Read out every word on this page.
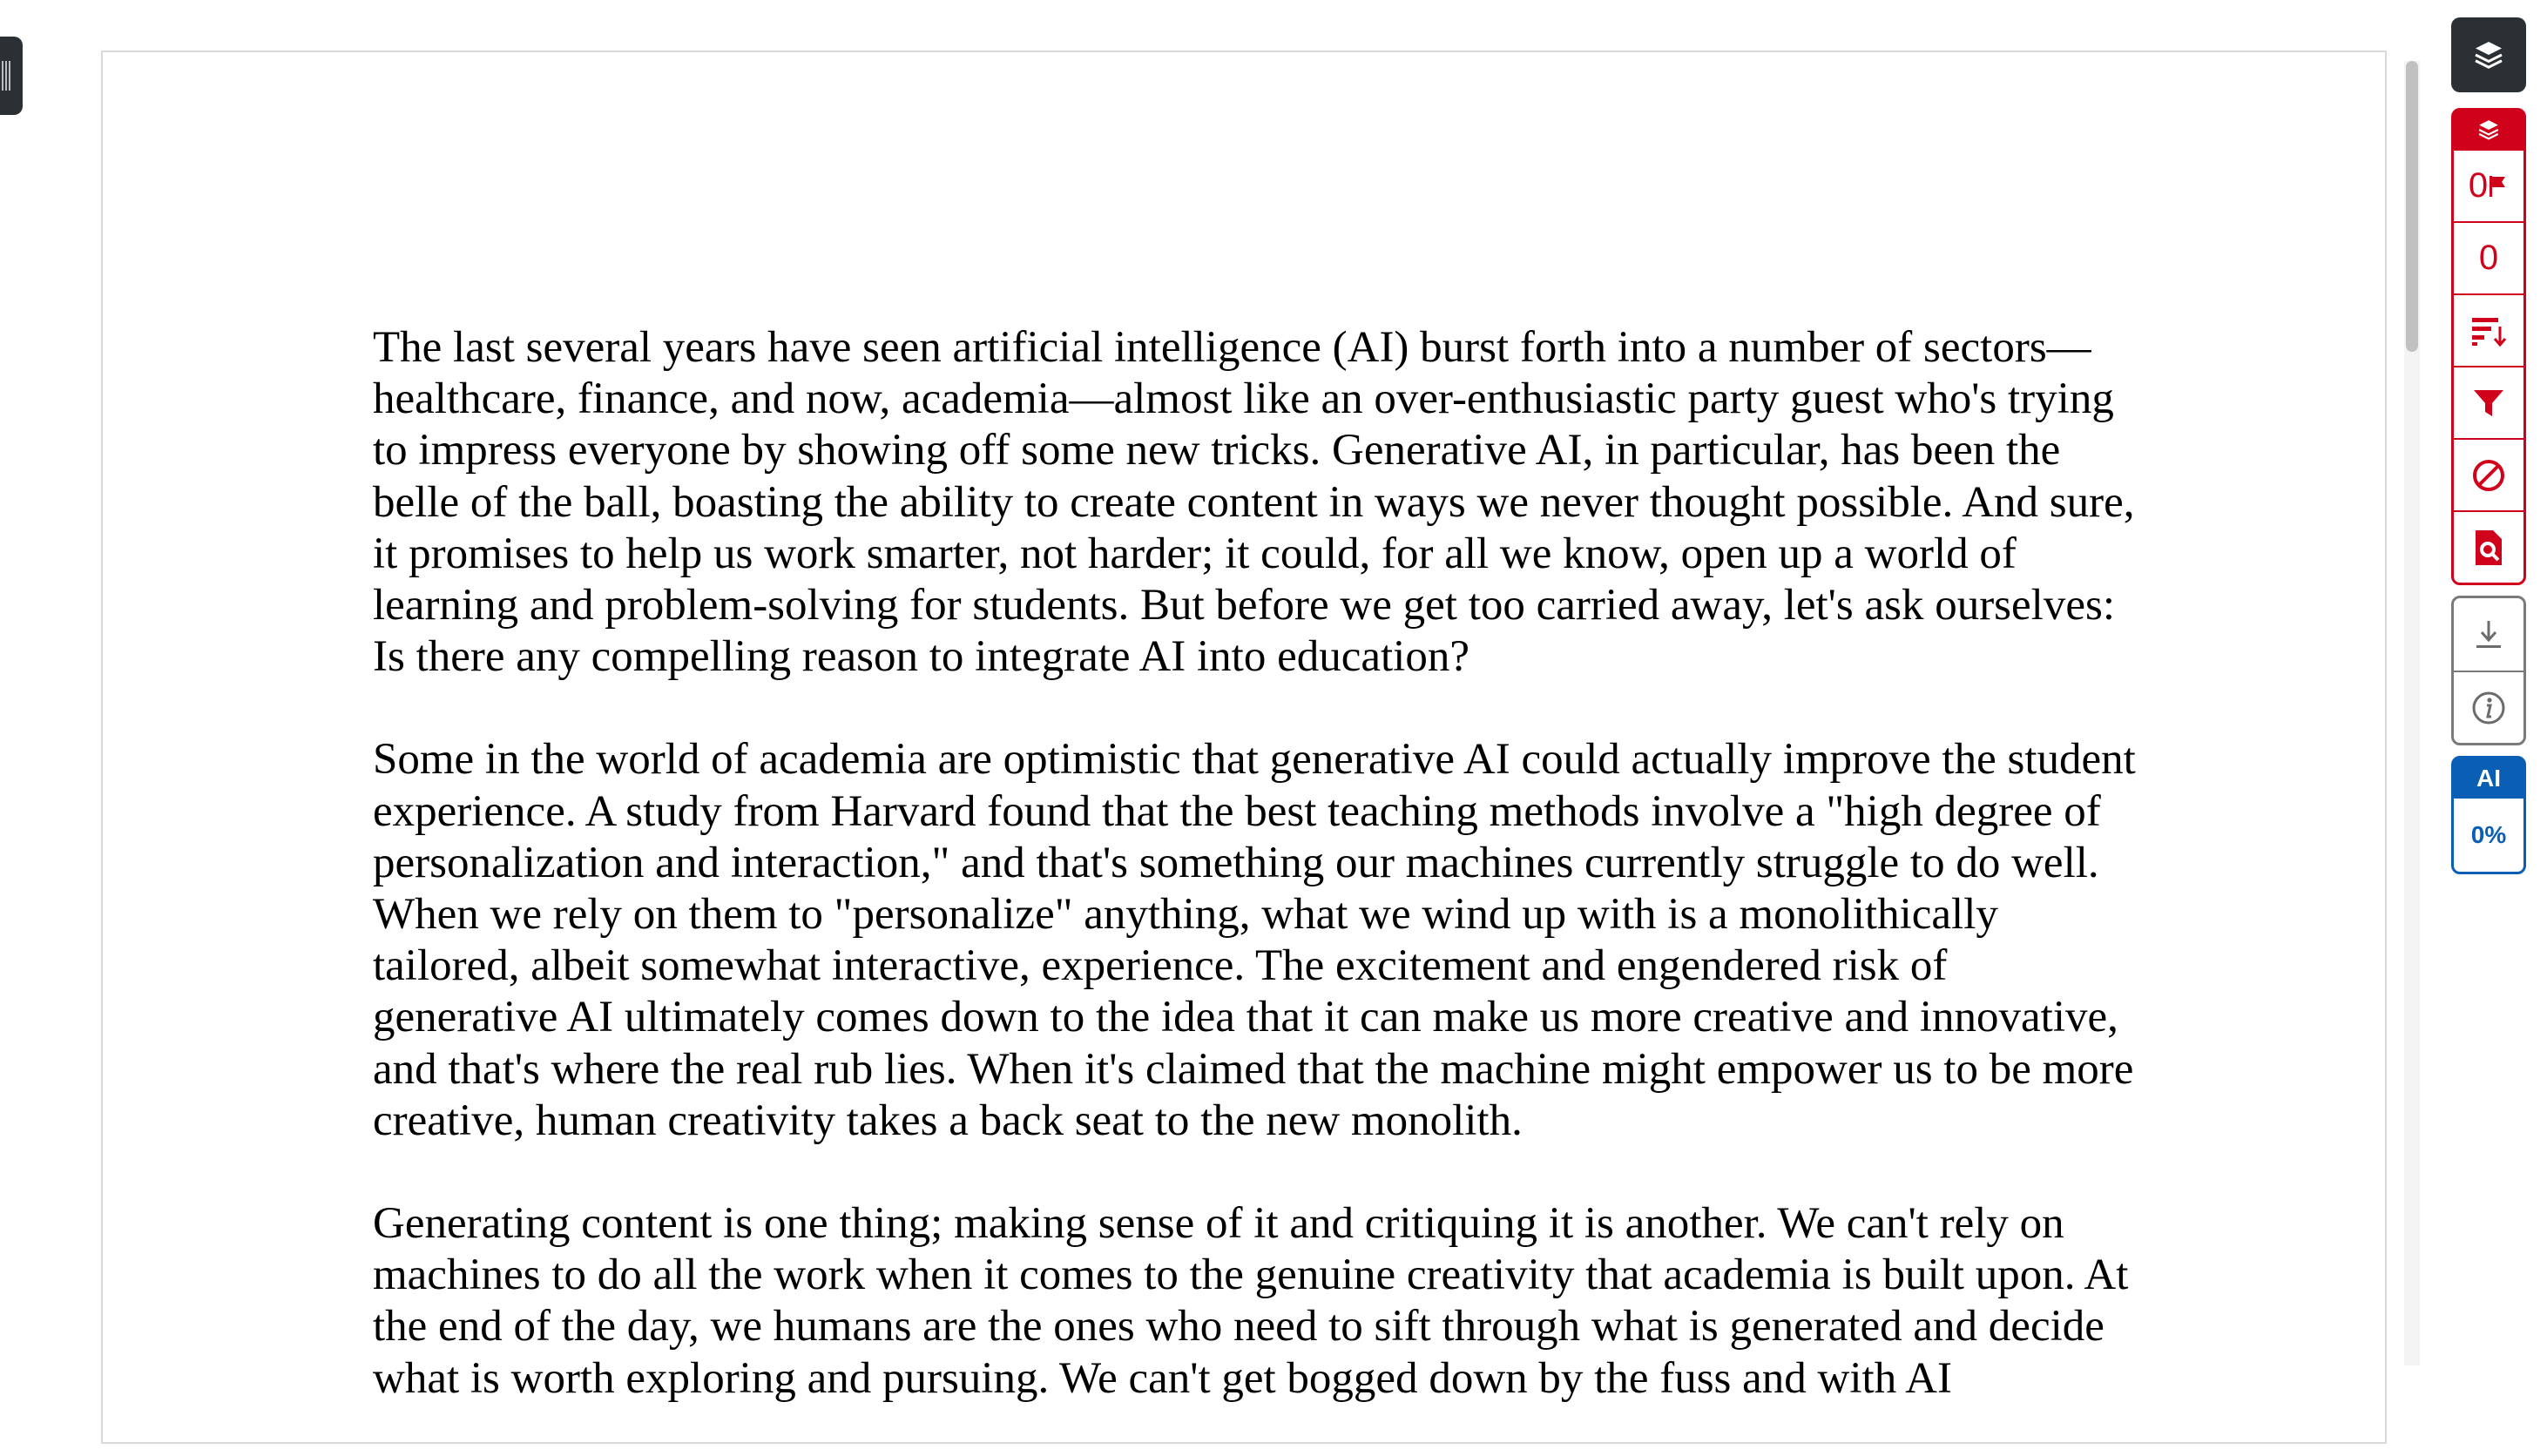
The last several years have seen artificial intelligence (AI) burst forth into a number of sectors—healthcare, finance, and now, academia—almost like an over-enthusiastic party guest who's trying to impress everyone by showing off some new tricks. Generative AI, in particular, has been the belle of the ball, boasting the ability to create content in ways we never thought possible. And sure, it promises to help us work smarter, not harder; it could, for all we know, open up a world of learning and problem-solving for students. But before we get too carried away, let's ask ourselves: Is there any compelling reason to integrate AI into education?

Some in the world of academia are optimistic that generative AI could actually improve the student experience. A study from Harvard found that the best teaching methods involve a "high degree of personalization and interaction," and that's something our machines currently struggle to do well. When we rely on them to "personalize" anything, what we wind up with is a monolithically tailored, albeit somewhat interactive, experience. The excitement and engendered risk of generative AI ultimately comes down to the idea that it can make us more creative and innovative, and that's where the real rub lies. When it's claimed that the machine might empower us to be more creative, human creativity takes a back seat to the new monolith.

Generating content is one thing; making sense of it and critiquing it is another. We can't rely on machines to do all the work when it comes to the genuine creativity that academia is built upon. At the end of the day, we humans are the ones who need to sift through what is generated and decide what is worth exploring and pursuing. We can't get bogged down by the fuss and with AI

0
0
AI
0%
